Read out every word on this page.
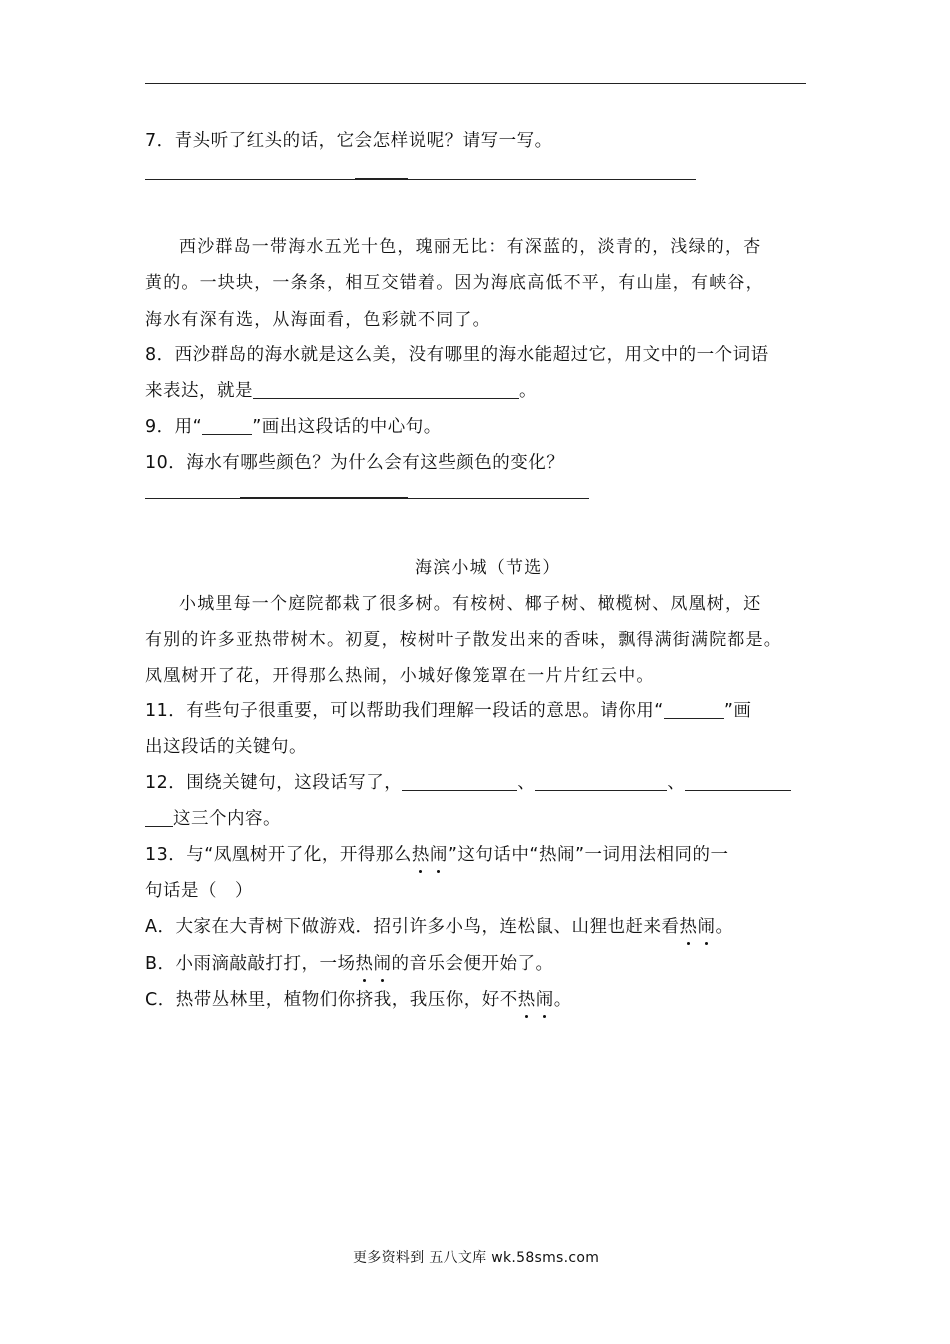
7．青头听了红头的话，它会怎样说呢？请写一写。
西沙群岛一带海水五光十色，瑰丽无比：有深蓝的，淡青的，浅绿的，杏
黄的。一块块，一条条，相互交错着。因为海底高低不平，有山崖，有峡谷，
海水有深有选，从海面看，色彩就不同了。
8．西沙群岛的海水就是这么美，没有哪里的海水能超过它，用文中的一个词语
来表达，就是	。
9．用“	”画出这段话的中心句。
10．海水有哪些颜色？为什么会有这些颜色的变化？
海滨小城（节选）
小城里每一个庭院都栽了很多树。有桉树、椰子树、橄榄树、凤凰树，还
有别的许多亚热带树木。初夏，桉树叶子散发出来的香味，飘得满街满院都是。
凤凰树开了花，开得那么热闹，小城好像笼罩在一片片红云中。
11．有些句子很重要，可以帮助我们理解一段话的意思。请你用“	”画
出这段话的关键句。
12．围绕关键句，这段话写了，	、	、
这三个内容。
13．与“凤凰树开了化，开得那么热闹”这句话中“热闹”一词用法相同的一
句话是（　）
A．大家在大青树下做游戏．招引许多小鸟，连松鼠、山狸也赶来看热闹。
B．小雨滴敲敲打打，一场热闹的音乐会便开始了。
C．热带丛林里，植物们你挤我，我压你，好不热闹。
更多资料到 五八文库 wk.58sms.com
